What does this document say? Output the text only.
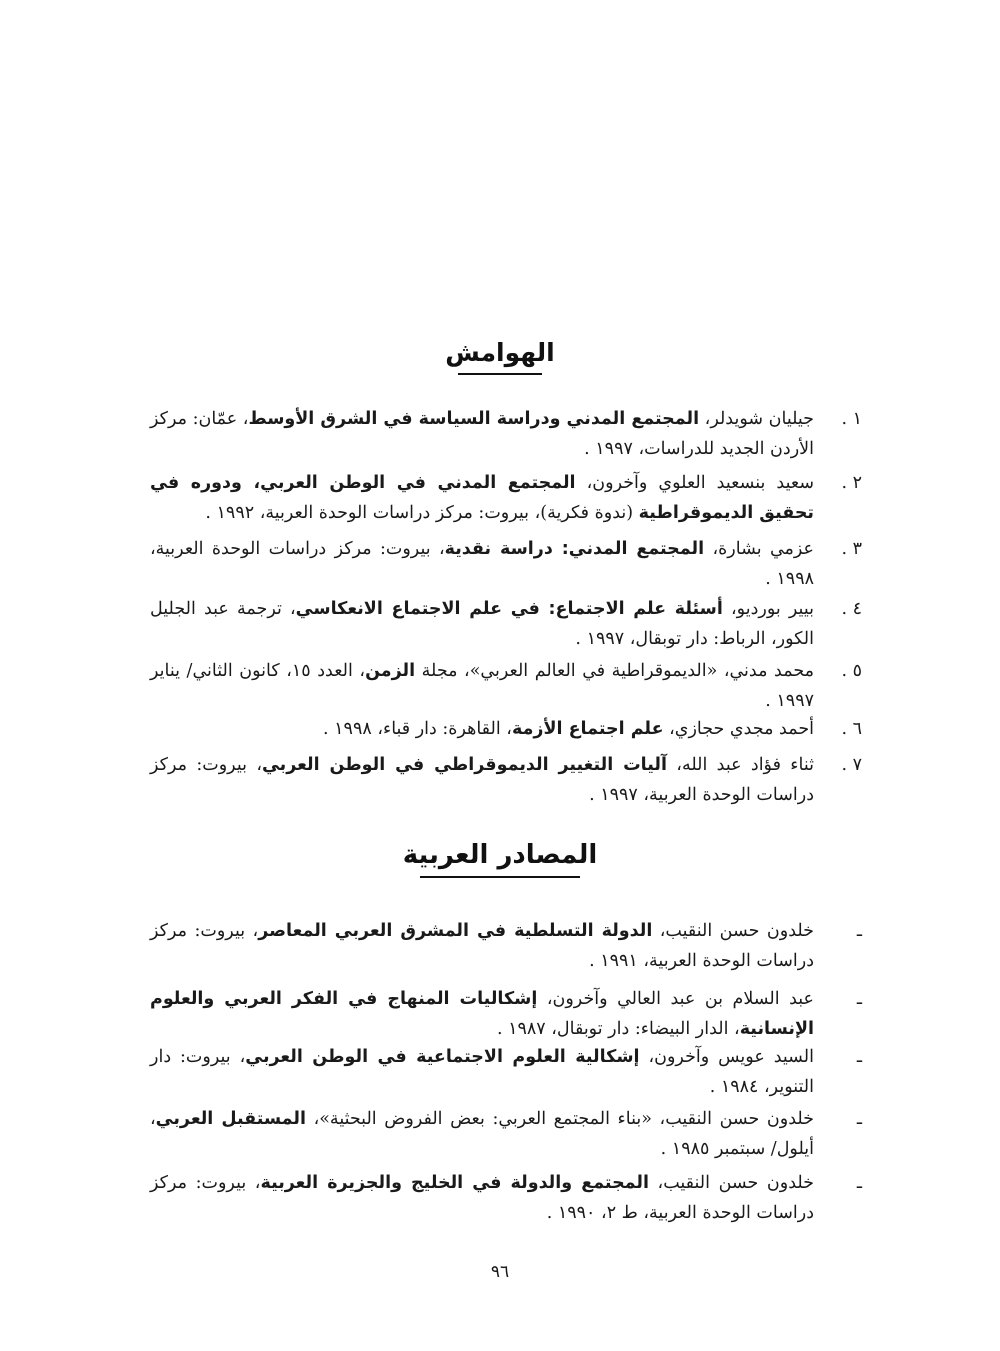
الهوامش
١ .
جيليان شويدلر، المجتمع المدني ودراسة السياسة في الشرق الأوسط، عمّان: مركز الأردن الجديد للدراسات، ١٩٩٧ .
٢ .
سعيد بنسعيد العلوي وآخرون، المجتمع المدني في الوطن العربي، ودوره في تحقيق الديموقراطية (ندوة فكرية)، بيروت: مركز دراسات الوحدة العربية، ١٩٩٢ .
٣ .
عزمي بشارة، المجتمع المدني: دراسة نقدية، بيروت: مركز دراسات الوحدة العربية، ١٩٩٨ .
٤ .
بيير بورديو، أسئلة علم الاجتماع: في علم الاجتماع الانعكاسي، ترجمة عبد الجليل الكور، الرباط: دار توبقال، ١٩٩٧ .
٥ .
محمد مدني، «الديموقراطية في العالم العربي»، مجلة الزمن، العدد ١٥، كانون الثاني/ يناير ١٩٩٧ .
٦ .
أحمد مجدي حجازي، علم اجتماع الأزمة، القاهرة: دار قباء، ١٩٩٨ .
٧ .
ثناء فؤاد عبد الله، آليات التغيير الديموقراطي في الوطن العربي، بيروت: مركز دراسات الوحدة العربية، ١٩٩٧ .
المصادر العربية
ـ
خلدون حسن النقيب، الدولة التسلطية في المشرق العربي المعاصر، بيروت: مركز دراسات الوحدة العربية، ١٩٩١ .
ـ
عبد السلام بن عبد العالي وآخرون، إشكاليات المنهاج في الفكر العربي والعلوم الإنسانية، الدار البيضاء: دار توبقال، ١٩٨٧ .
ـ
السيد عويس وآخرون، إشكالية العلوم الاجتماعية في الوطن العربي، بيروت: دار التنوير، ١٩٨٤ .
ـ
خلدون حسن النقيب، «بناء المجتمع العربي: بعض الفروض البحثية»، المستقبل العربي، أيلول/ سبتمبر ١٩٨٥ .
ـ
خلدون حسن النقيب، المجتمع والدولة في الخليج والجزيرة العربية، بيروت: مركز دراسات الوحدة العربية، ط ٢، ١٩٩٠ .
٩٦
